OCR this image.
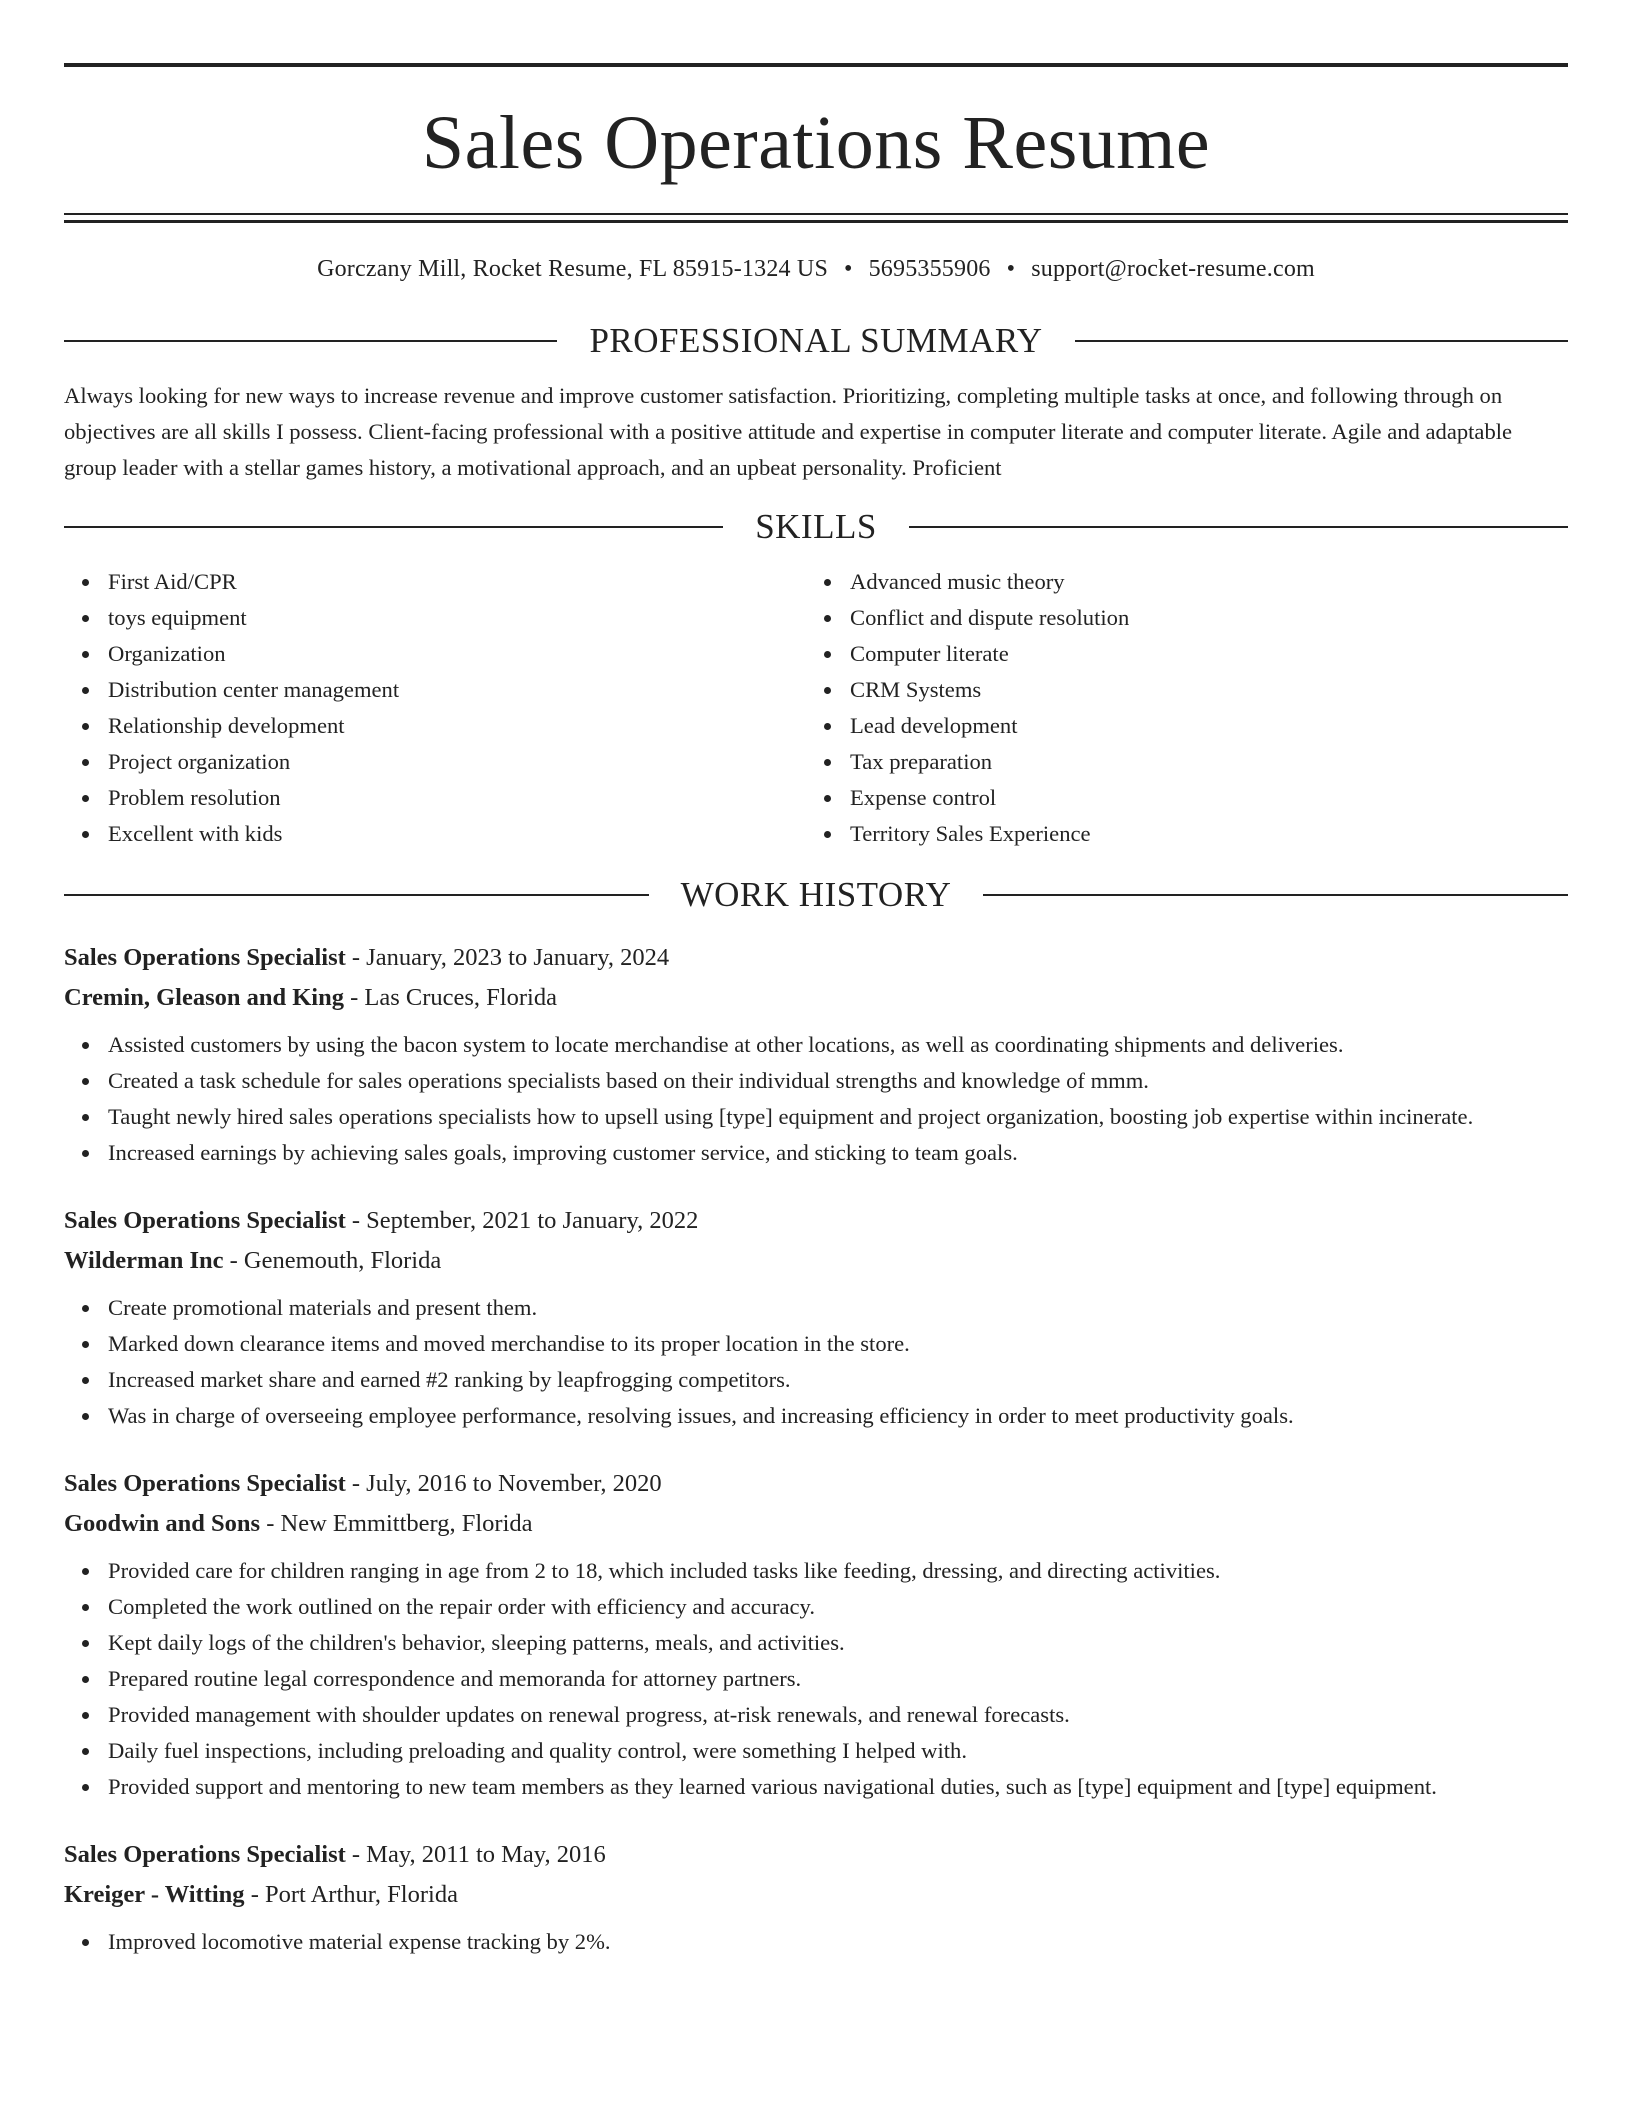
Sales Operations Resume
Gorczany Mill, Rocket Resume, FL 85915-1324 US • 5695355906 • support@rocket-resume.com
PROFESSIONAL SUMMARY
Always looking for new ways to increase revenue and improve customer satisfaction. Prioritizing, completing multiple tasks at once, and following through on objectives are all skills I possess. Client-facing professional with a positive attitude and expertise in computer literate and computer literate. Agile and adaptable group leader with a stellar games history, a motivational approach, and an upbeat personality. Proficient
SKILLS
First Aid/CPR
toys equipment
Organization
Distribution center management
Relationship development
Project organization
Problem resolution
Excellent with kids
Advanced music theory
Conflict and dispute resolution
Computer literate
CRM Systems
Lead development
Tax preparation
Expense control
Territory Sales Experience
WORK HISTORY
Sales Operations Specialist - January, 2023 to January, 2024
Cremin, Gleason and King - Las Cruces, Florida
Assisted customers by using the bacon system to locate merchandise at other locations, as well as coordinating shipments and deliveries.
Created a task schedule for sales operations specialists based on their individual strengths and knowledge of mmm.
Taught newly hired sales operations specialists how to upsell using [type] equipment and project organization, boosting job expertise within incinerate.
Increased earnings by achieving sales goals, improving customer service, and sticking to team goals.
Sales Operations Specialist - September, 2021 to January, 2022
Wilderman Inc - Genemouth, Florida
Create promotional materials and present them.
Marked down clearance items and moved merchandise to its proper location in the store.
Increased market share and earned #2 ranking by leapfrogging competitors.
Was in charge of overseeing employee performance, resolving issues, and increasing efficiency in order to meet productivity goals.
Sales Operations Specialist - July, 2016 to November, 2020
Goodwin and Sons - New Emmittberg, Florida
Provided care for children ranging in age from 2 to 18, which included tasks like feeding, dressing, and directing activities.
Completed the work outlined on the repair order with efficiency and accuracy.
Kept daily logs of the children's behavior, sleeping patterns, meals, and activities.
Prepared routine legal correspondence and memoranda for attorney partners.
Provided management with shoulder updates on renewal progress, at-risk renewals, and renewal forecasts.
Daily fuel inspections, including preloading and quality control, were something I helped with.
Provided support and mentoring to new team members as they learned various navigational duties, such as [type] equipment and [type] equipment.
Sales Operations Specialist - May, 2011 to May, 2016
Kreiger - Witting - Port Arthur, Florida
Improved locomotive material expense tracking by 2%.
